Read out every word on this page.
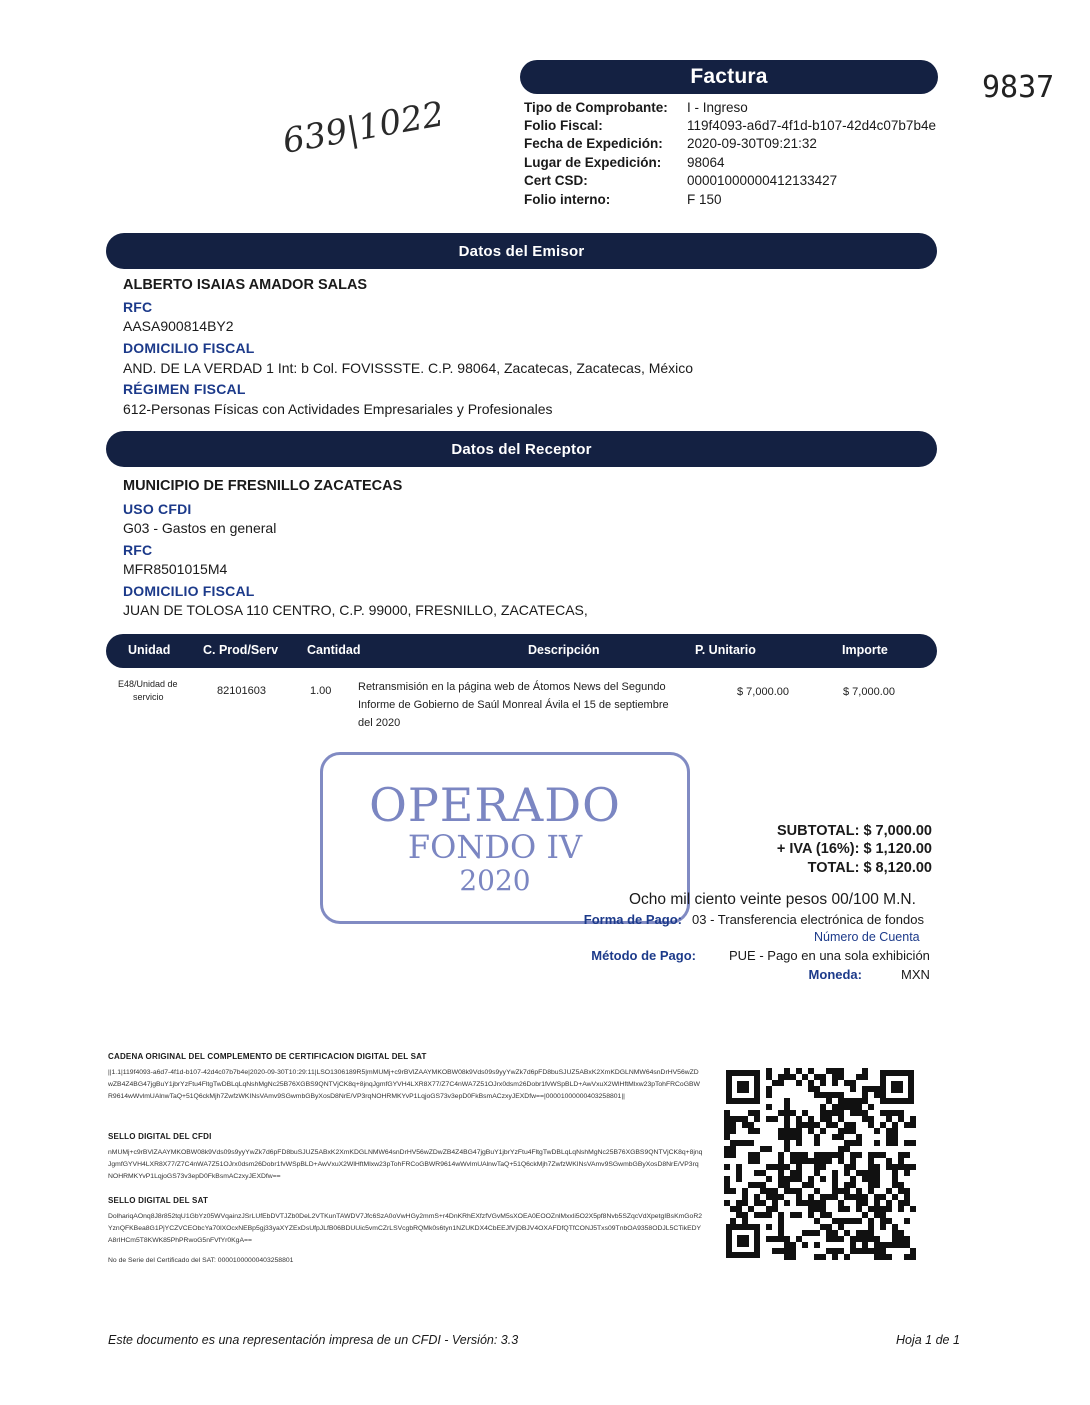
Factura	9837
639|1022	Tipo de Comprobante: I - Ingreso
Folio Fiscal:	119f4093-a6d7-4f1d-b107-42d4c07b7b4e
Fecha de Expedición: 2020-09-30T09:21:32
Lugar de Expedición: 98064
Cert CSD:	00001000000412133427
Folio interno:	F 150
Datos del Emisor
ALBERTO ISAIAS AMADOR SALAS
RFC
AASA900814BY2
DOMICILIO FISCAL
AND. DE LA VERDAD 1 Int: b Col. FOVISSSTE. C.P. 98064, Zacatecas, Zacatecas, México
RÉGIMEN FISCAL
612-Personas Físicas con Actividades Empresariales y Profesionales
Datos del Receptor
MUNICIPIO DE FRESNILLO ZACATECAS
USO CFDI
G03 - Gastos en general
RFC
MFR8501015M4
DOMICILIO FISCAL
JUAN DE TOLOSA 110 CENTRO, C.P. 99000, FRESNILLO, ZACATECAS,
Unidad	C. Prod/Serv Cantidad	Descripción	P. Unitario	Importe
E48/Unidad de
servicio	82101603	1.00 Retransmisión en la página web de Átomos News del Segundo
Informe de Gobierno de Saúl Monreal Ávila el 15 de septiembre
del 2020
$ 7,000.00	$ 7,000.00
OPERADO
FONDO IV
2020
SUBTOTAL: $ 7,000.00
+ IVA (16%): $ 1,120.00
TOTAL: $ 8,120.00
Ocho mil ciento veinte pesos 00/100 M.N.
Forma de Pago: 03 - Transferencia electrónica de fondos
Número de Cuenta
Método de Pago:	PUE - Pago en una sola exhibición
Moneda:	MXN
CADENA ORIGINAL DEL COMPLEMENTO DE CERTIFICACION DIGITAL DEL SAT
||1.1|119f4093-a6d7-4f1d-b107-42d4c07b7b4e|2020-09-30T10:29:11|LSO1306189R5|mMUMj+c9rBVlZAAYMKOBW08k9Vds09s9yyYwZk7d6pFD8buSJUZ5ABxK2XmKDGLNMW64snDrHV56wZDwZB4Z4BG47jgBuY1jbrYzFtu4FltgTwDBLqLqNshMgNc25B76XGBS9QNTVjCK8q+8jnqJgmfGYVH4LXR8X77/Z7C4nWA7Z51OJrx0dsm26Dobr1fvWSpBLD+AwVxuX2WlHftMlxw23pTohFRCoGBWR9614wWvlmUAlnwTaQ+51Q6ckMjh7ZwfzWKINsVAmv9SGwmbGByXosD8NrE/VP3rqNOHRMKYvP1LqjoGS73v3epD0FkBsmACzxyJEXDfw==|00001000000403258801||
SELLO DIGITAL DEL CFDI
nMUMj+c9rBVlZAAYMKOBW08k9Vds09s9yyYwZk7d6pFD8buSJUZ5ABxK2XmKDGLNMW64snDrHV56wZDwZB4Z4BG47jgBuY1jbrYzFtu4FltgTwDBLqLqNshMgNc25B76XGBS9QNTVjCK8q+8jnqJgmfGYVH4LXR8X77/Z7C4nWA7Z51OJrx0dsm26Dobr1fvWSpBLD+AwVxuX2WlHftMlxw23pTohFRCoGBWR9614wWvlmUAlnwTaQ+51Q6ckMjh7ZwfzWKINsVAmv9SGwmbGByXosD8NrE/VP3rqNOHRMKYvP1LqjoGS73v3epD0FkBsmACzxyJEXDfw==
SELLO DIGITAL DEL SAT
DolhariqAOnq8J8r852tqU1GbYz05WVqainzJSrLUfEbDVTJZb0DeL2VTKunTAWDV7Jfc6SzA0oVwHGy2mmS+r4DnKRhEXfzfVGvM5sXOEA0EOOZnlMxxli5O2X5pf8Nvb5SZqcVdXpetgIBsKmGoR2YznQFKBea8G1PjYCZVCEObcYa70lXOcxNEBp5gj33yaXYZExDsUfpJLfB06BDUUic5vmCZrLSVcgbRQMk0s6tyn1NZUKDX4CbEEJfVjDBJV4OXAFDfQTfCONJ5Txs09TnbOA9358ODJL5CTikEDYA8rIHCm5T8KWK85PhPRwoG5nFVfYr0KgA==
No de Serie del Certificado del SAT: 00001000000403258801
Este documento es una representación impresa de un CFDI - Versión: 3.3	Hoja 1 de 1
